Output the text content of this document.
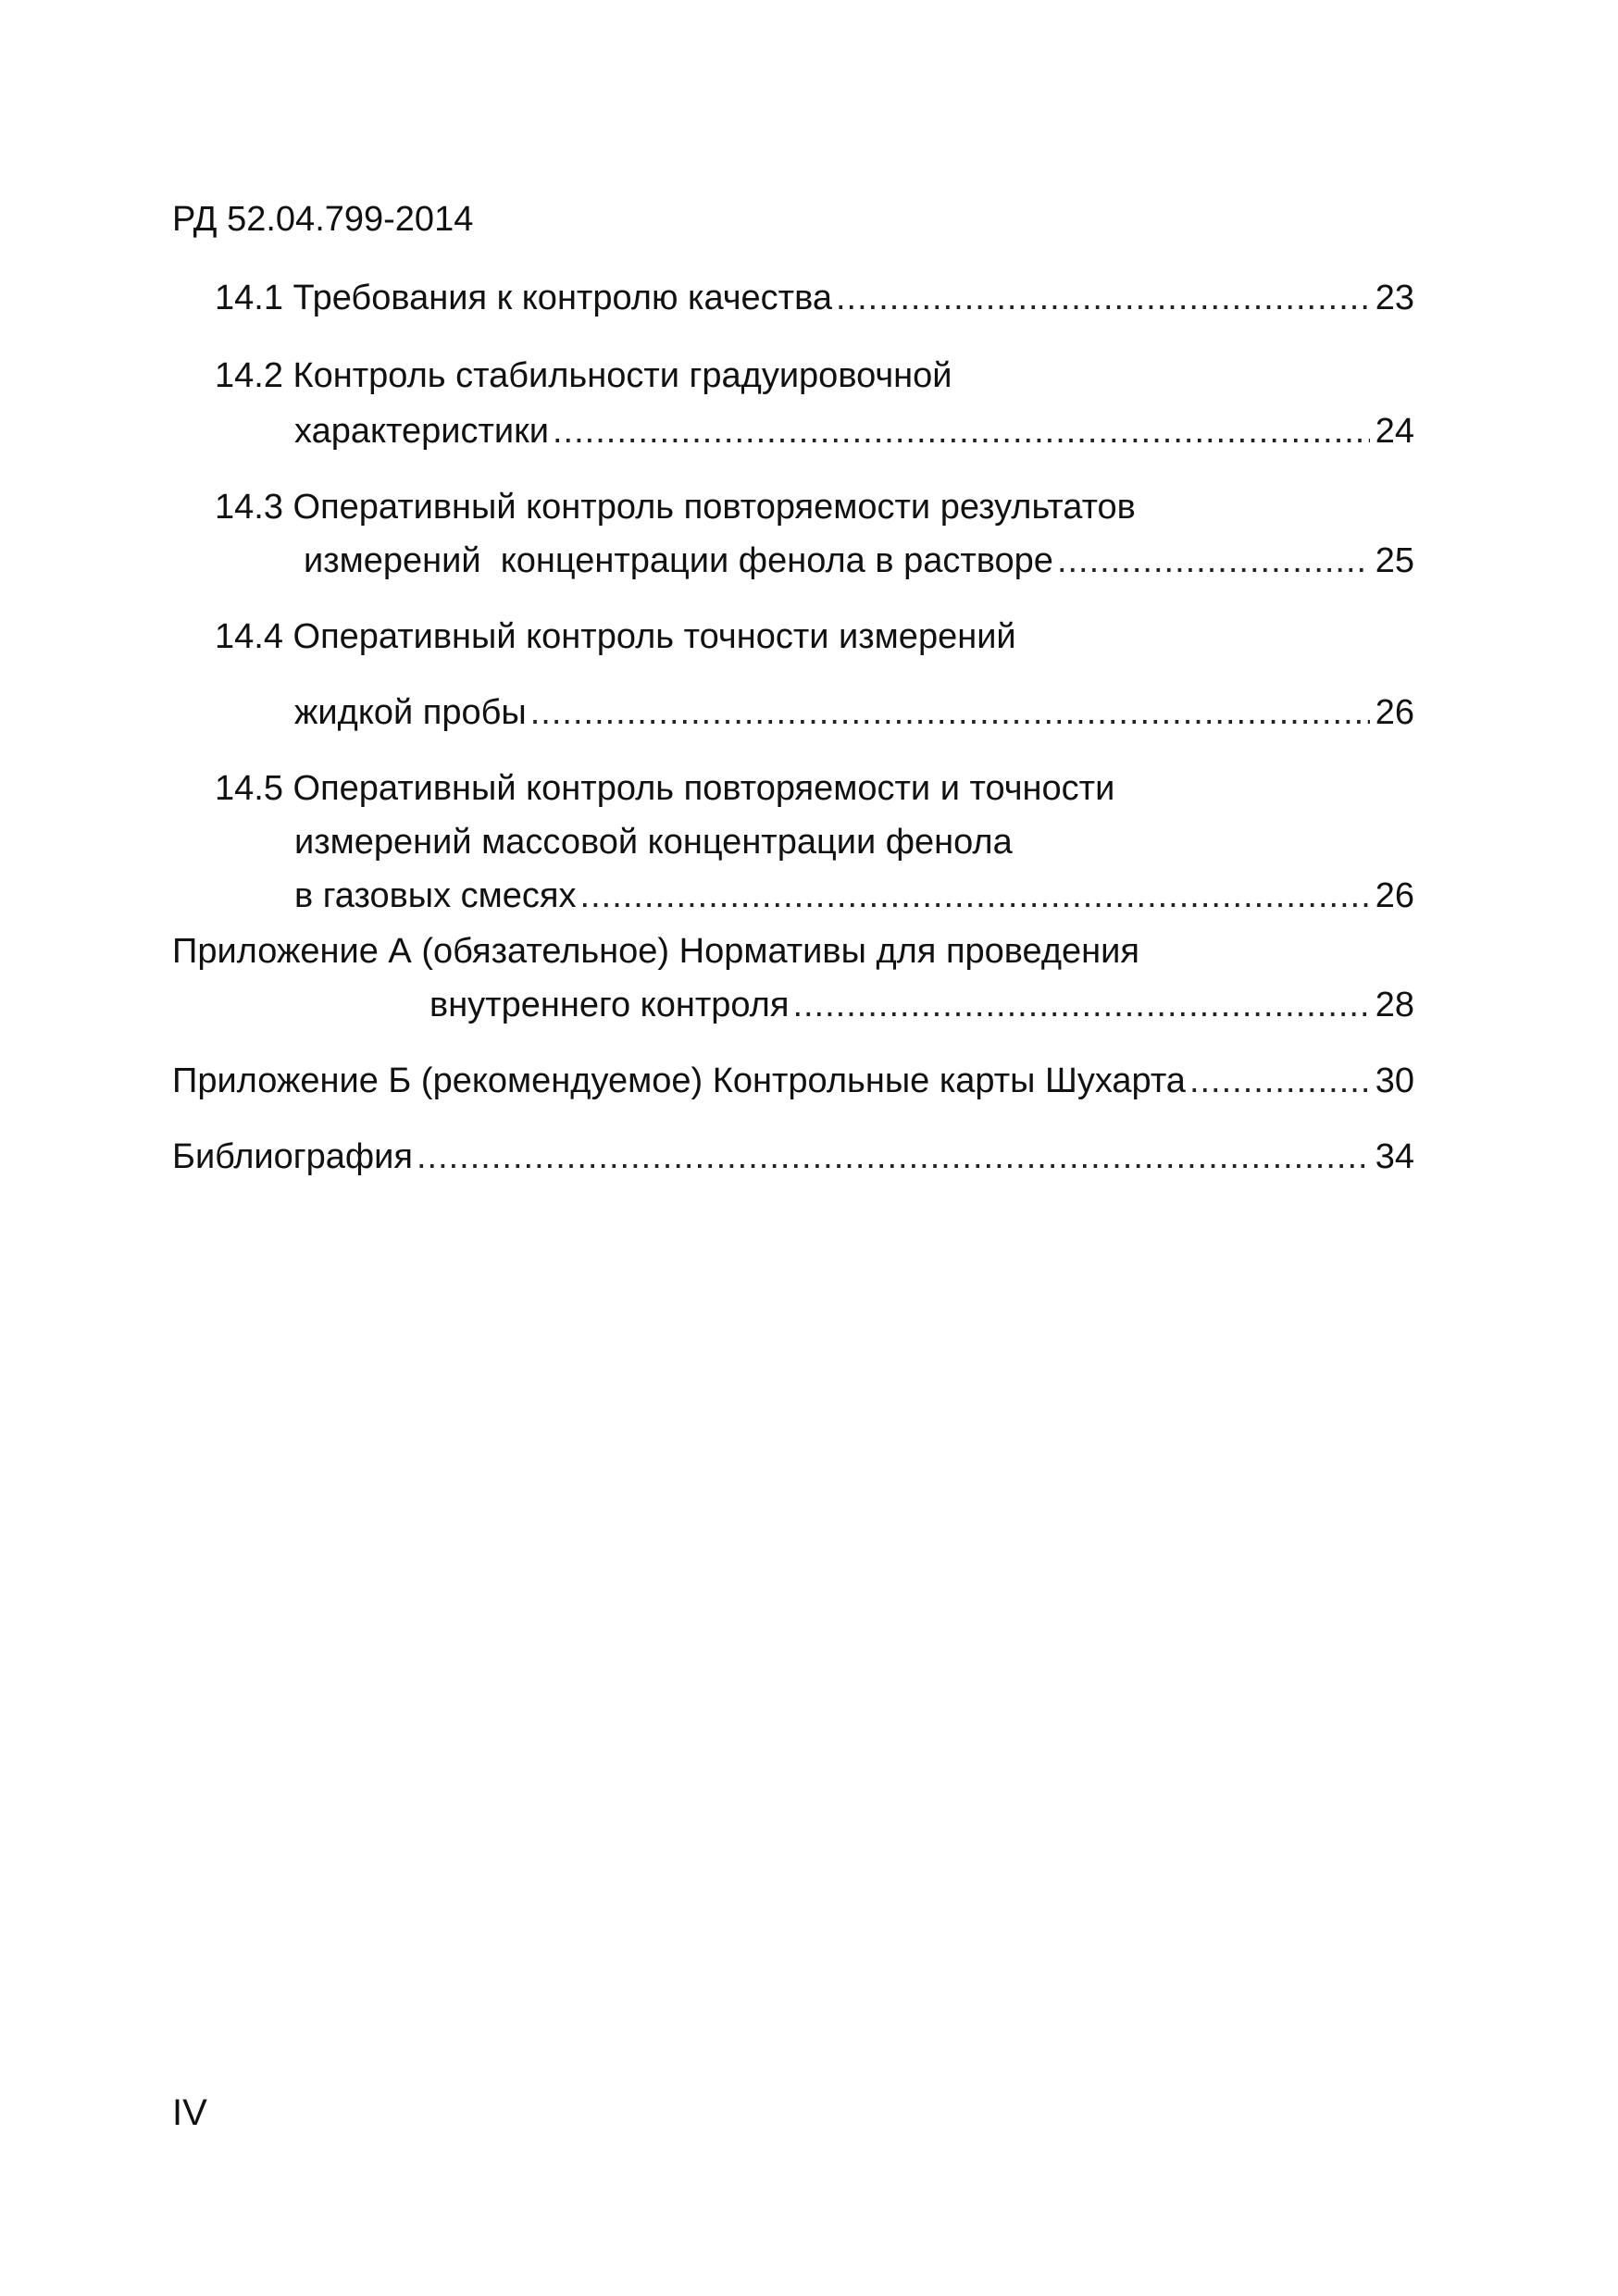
РД 52.04.799-2014
14.1 Требования к контролю качества .....	23
14.2 Контроль стабильности градуировочной
характеристики .....	24
14.3 Оперативный контроль повторяемости результатов
измерений  концентрации фенола в растворе .....	25
14.4 Оперативный контроль точности измерений
жидкой пробы .....	26
14.5 Оперативный контроль повторяемости и точности
измерений массовой концентрации фенола
в газовых смесях .....	26
Приложение А (обязательное) Нормативы для проведения
внутреннего контроля .....	28
Приложение Б (рекомендуемое) Контрольные карты Шухарта .....	30
Библиография .....	34
IV
